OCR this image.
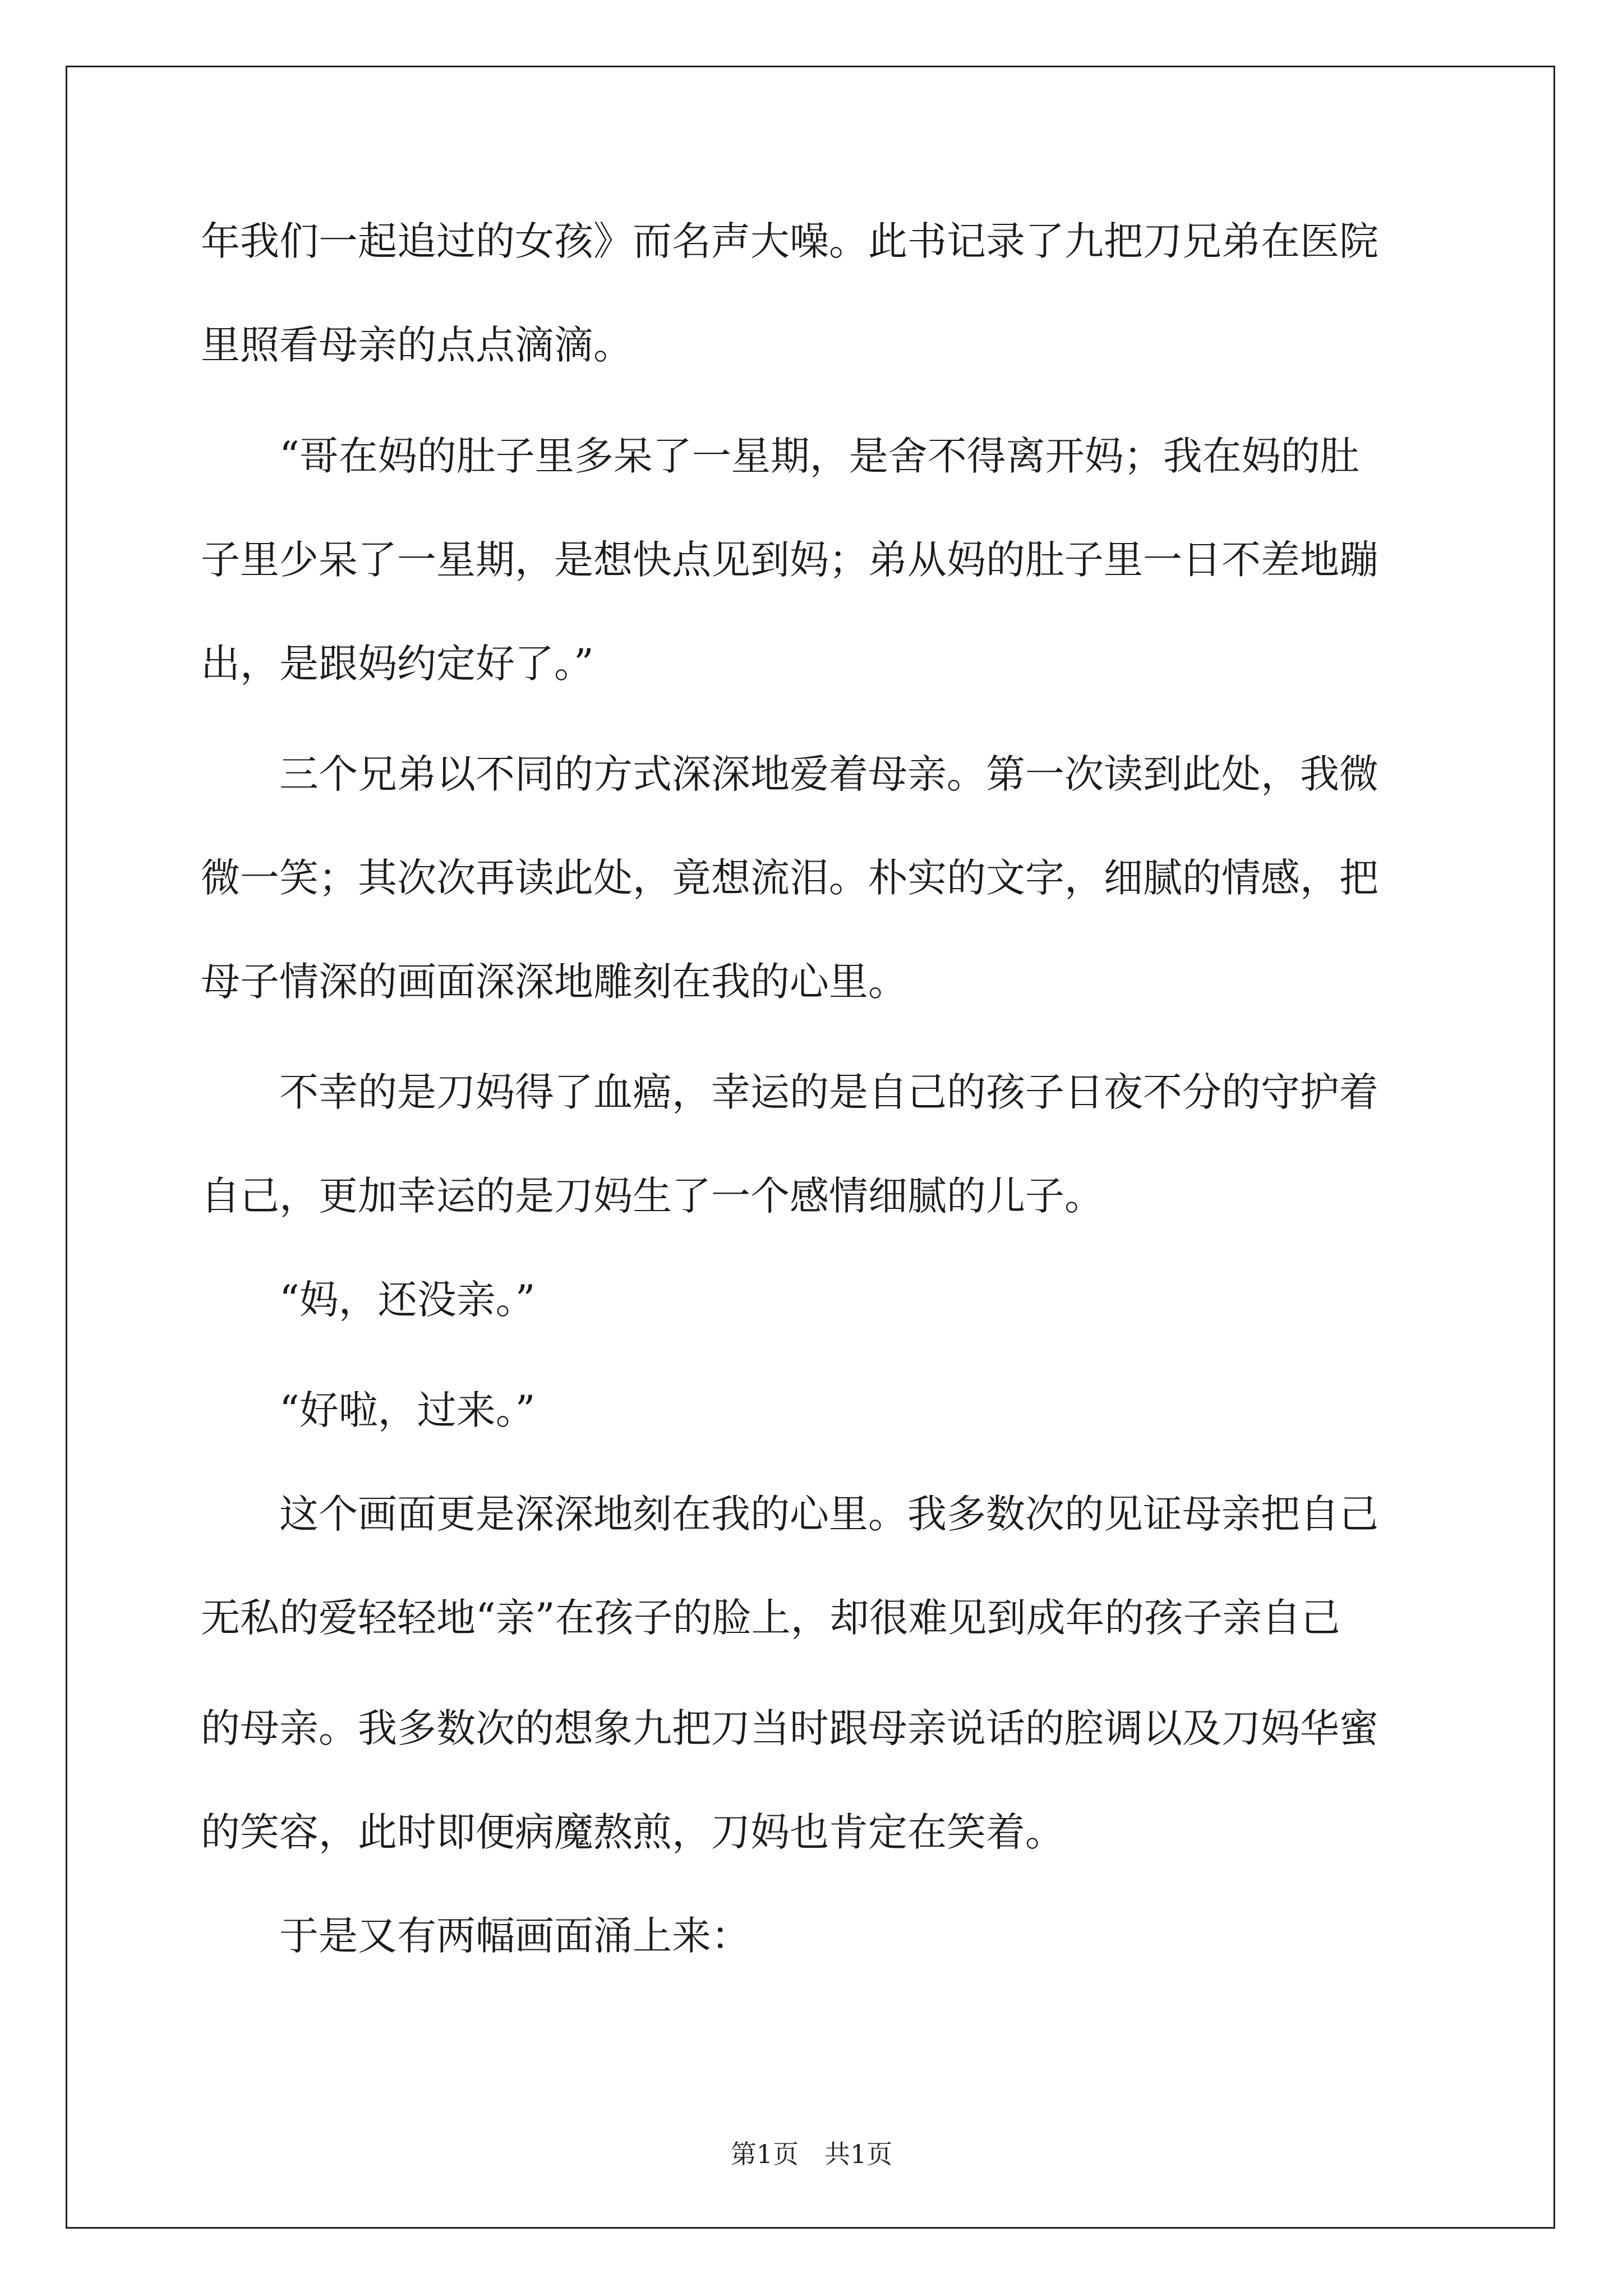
年我们一起追过的女孩》而名声大噪。此书记录了九把刀兄弟在医院
里照看母亲的点点滴滴。
“哥在妈的肚子里多呆了一星期，是舍不得离开妈；我在妈的肚
子里少呆了一星期，是想快点见到妈；弟从妈的肚子里一日不差地蹦
出，是跟妈约定好了。”
三个兄弟以不同的方式深深地爱着母亲。第一次读到此处，我微
微一笑；其次次再读此处，竟想流泪。朴实的文字，细腻的情感，把
母子情深的画面深深地雕刻在我的心里。
不幸的是刀妈得了血癌，幸运的是自己的孩子日夜不分的守护着
自己，更加幸运的是刀妈生了一个感情细腻的儿子。
“妈，还没亲。”
“好啦，过来。”
这个画面更是深深地刻在我的心里。我多数次的见证母亲把自己
无私的爱轻轻地“亲”在孩子的脸上，却很难见到成年的孩子亲自己
的母亲。我多数次的想象九把刀当时跟母亲说话的腔调以及刀妈华蜜
的笑容，此时即便病魔熬煎，刀妈也肯定在笑着。
于是又有两幅画面涌上来：
第1页　共1页
